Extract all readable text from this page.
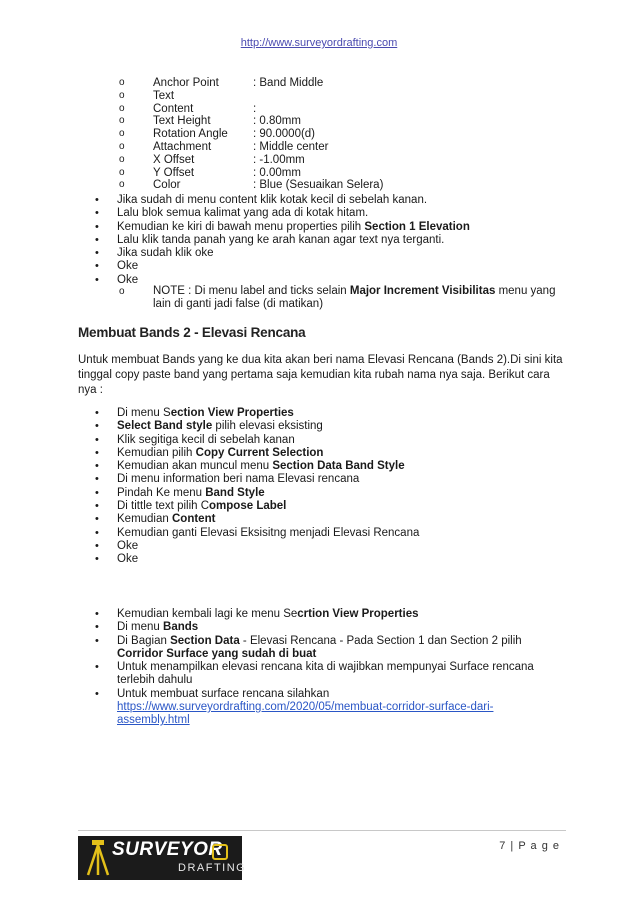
http://www.surveyordrafting.com
o Anchor Point	: Band Middle
o Text
o Content	:
o Text Height	: 0.80mm
o Rotation Angle : 90.0000(d)
o Attachment	: Middle center
o X Offset	: -1.00mm
o Y Offset	: 0.00mm
o Color	: Blue (Sesuaikan Selera)
• Jika sudah di menu content klik kotak kecil di sebelah kanan.
• Lalu blok semua kalimat yang ada di kotak hitam.
• Kemudian ke kiri di bawah menu properties pilih Section 1 Elevation
• Lalu klik tanda panah yang ke arah kanan agar text nya terganti.
• Jika sudah klik oke
• Oke
• Oke
o	NOTE : Di menu label and ticks selain Major Increment Visibilitas menu yang lain di ganti jadi false (di matikan)
Membuat Bands 2 - Elevasi Rencana
Untuk membuat Bands yang ke dua kita akan beri nama Elevasi Rencana (Bands 2).Di sini kita tinggal copy paste band yang pertama saja kemudian kita rubah nama nya saja. Berikut cara nya :
• Di menu Section View Properties
• Select Band style pilih elevasi eksisting
• Klik segitiga kecil di sebelah kanan
• Kemudian pilih Copy Current Selection
• Kemudian akan muncul menu Section Data Band Style
• Di menu information beri nama Elevasi rencana
• Pindah Ke menu Band Style
• Di tittle text pilih Compose Label
• Kemudian Content
• Kemudian ganti Elevasi Eksisitng menjadi Elevasi Rencana
• Oke
• Oke
• Kemudian kembali lagi ke menu Secrtion View Properties
• Di menu Bands
• Di Bagian Section Data - Elevasi Rencana - Pada Section 1 dan Section 2 pilih Corridor Surface yang sudah di buat
• Untuk menampilkan elevasi rencana kita di wajibkan mempunyai Surface rencana terlebih dahulu
• Untuk membuat surface rencana silahkan https://www.surveyordrafting.com/2020/05/membuat-corridor-surface-dari-assembly.html
SURVEYOR
DRAFTING
7 | P a g e
